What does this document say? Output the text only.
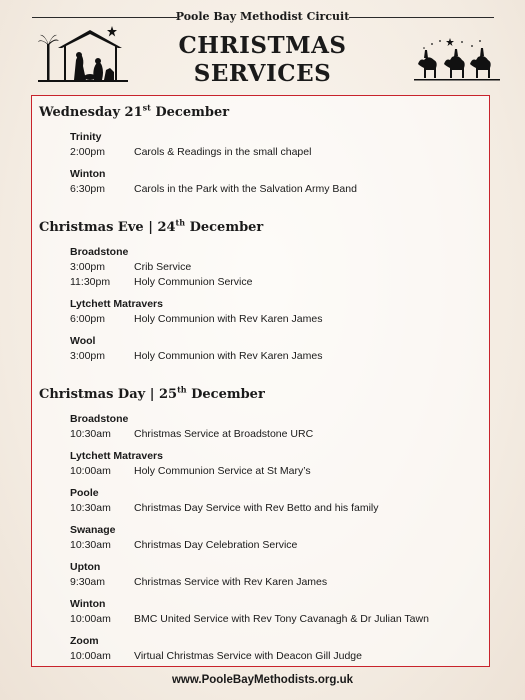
Poole Bay Methodist Circuit
CHRISTMAS
SERVICES
Wednesday 21st December
Trinity
2:00pm	Carols & Readings in the small chapel
Winton
6:30pm	Carols in the Park with the Salvation Army Band
Christmas Eve | 24th December
Broadstone
3:00pm	Crib Service
11:30pm Holy Communion Service
Lytchett Matravers
6:00pm	Holy Communion with Rev Karen James
Wool
3:00pm	Holy Communion with Rev Karen James
Christmas Day | 25th December
Broadstone
10:30am Christmas Service at Broadstone URC
Lytchett Matravers
10:00am Holy Communion Service at St Mary’s
Poole
10:30am Christmas Day Service with Rev Betto and his family
Swanage
10:30am Christmas Day Celebration Service
Upton
9:30am	Christmas Service with Rev Karen James
Winton
10:00am BMC United Service with Rev Tony Cavanagh & Dr Julian Tawn
Zoom
10:00am Virtual Christmas Service with Deacon Gill Judge
www.PooleBayMethodists.org.uk
